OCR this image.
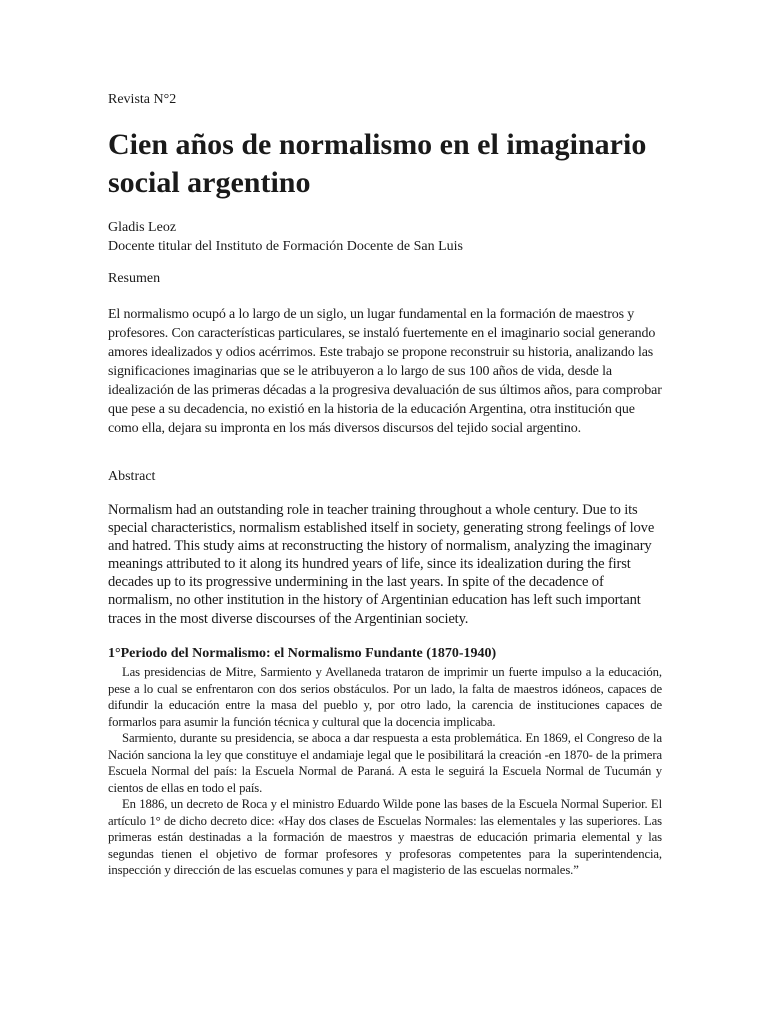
Revista N°2
Cien años de normalismo en el imaginario social argentino
Gladis Leoz
Docente titular del Instituto de Formación Docente de San Luis
Resumen

El normalismo ocupó a lo largo de un siglo, un lugar fundamental en la formación de maestros y profesores. Con características particulares, se instaló fuertemente en el imaginario social generando amores idealizados y odios acérrimos. Este trabajo se propone reconstruir su historia, analizando las significaciones imaginarias que se le atribuyeron a lo largo de sus 100 años de vida, desde la idealización de las primeras décadas a la progresiva devaluación de sus últimos años, para comprobar que pese a su decadencia, no existió en la historia de la educación Argentina, otra institución que como ella, dejara su impronta en los más diversos discursos del tejido social argentino.

Abstract

Normalism had an outstanding role in teacher training throughout a whole century. Due to its special characteristics, normalism established itself in society, generating strong feelings of love and hatred. This study aims at reconstructing the history of normalism, analyzing the imaginary meanings attributed to it along its hundred years of life, since its idealization during the first decades up to its progressive undermining in the last years. In spite of the decadence of normalism, no other institution in the history of Argentinian education has left such important traces in the most diverse discourses of the Argentinian society.

1°Periodo del Normalismo: el Normalismo Fundante (1870-1940)

Las presidencias de Mitre, Sarmiento y Avellaneda trataron de imprimir un fuerte impulso a la educación, pese a lo cual se enfrentaron con dos serios obstáculos. Por un lado, la falta de maestros idóneos, capaces de difundir la educación entre la masa del pueblo y, por otro lado, la carencia de instituciones capaces de formarlos para asumir la función técnica y cultural que la docencia implicaba.

Sarmiento, durante su presidencia, se aboca a dar respuesta a esta problemática. En 1869, el Congreso de la Nación sanciona la ley que constituye el andamiaje legal que le posibilitará la creación -en 1870- de la primera Escuela Normal del país: la Escuela Normal de Paraná. A esta le seguirá la Escuela Normal de Tucumán y cientos de ellas en todo el país.

En 1886, un decreto de Roca y el ministro Eduardo Wilde pone las bases de la Escuela Normal Superior. El artículo 1° de dicho decreto dice: «Hay dos clases de Escuelas Normales: las elementales y las superiores. Las primeras están destinadas a la formación de maestros y maestras de educación primaria elemental y las segundas tienen el objetivo de formar profesores y profesoras competentes para la superintendencia, inspección y dirección de las escuelas comunes y para el magisterio de las escuelas normales.”
